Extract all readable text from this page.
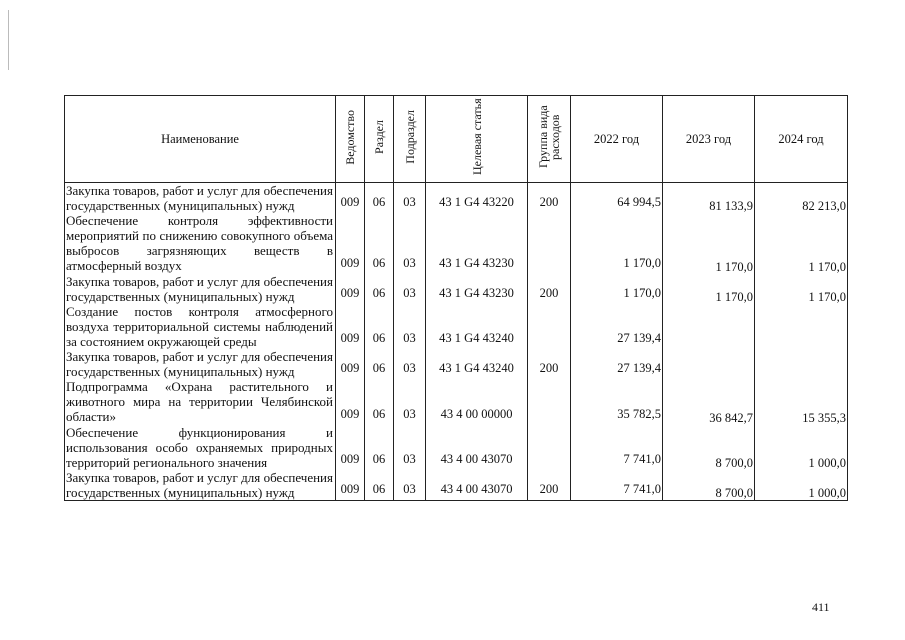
Наименование	Ведомство	Раздел	Подраздел	Целевая статья	Группа вида расходов	2022 год	2023 год	2024 год
Закупка товаров, работ и услуг для обеспечения государственных (муниципальных) нужд	009	06	03	43 1 G4 43220	200	64 994,5	81 133,9	82 213,0
Обеспечение контроля эффективности мероприятий по снижению совокупного объема выбросов загрязняющих веществ в атмосферный воздух	009	06	03	43 1 G4 43230		1 170,0	1 170,0	1 170,0
Закупка товаров, работ и услуг для обеспечения государственных (муниципальных) нужд	009	06	03	43 1 G4 43230	200	1 170,0	1 170,0	1 170,0
Создание постов контроля атмосферного воздуха территориальной системы наблюдений за состоянием окружающей среды	009	06	03	43 1 G4 43240		27 139,4		
Закупка товаров, работ и услуг для обеспечения государственных (муниципальных) нужд	009	06	03	43 1 G4 43240	200	27 139,4		
Подпрограмма «Охрана растительного и животного мира на территории Челябинской области»	009	06	03	43 4 00 00000		35 782,5	36 842,7	15 355,3
Обеспечение функционирования и использования особо охраняемых природных территорий регионального значения	009	06	03	43 4 00 43070		7 741,0	8 700,0	1 000,0
Закупка товаров, работ и услуг для обеспечения государственных (муниципальных) нужд	009	06	03	43 4 00 43070	200	7 741,0	8 700,0	1 000,0
411
